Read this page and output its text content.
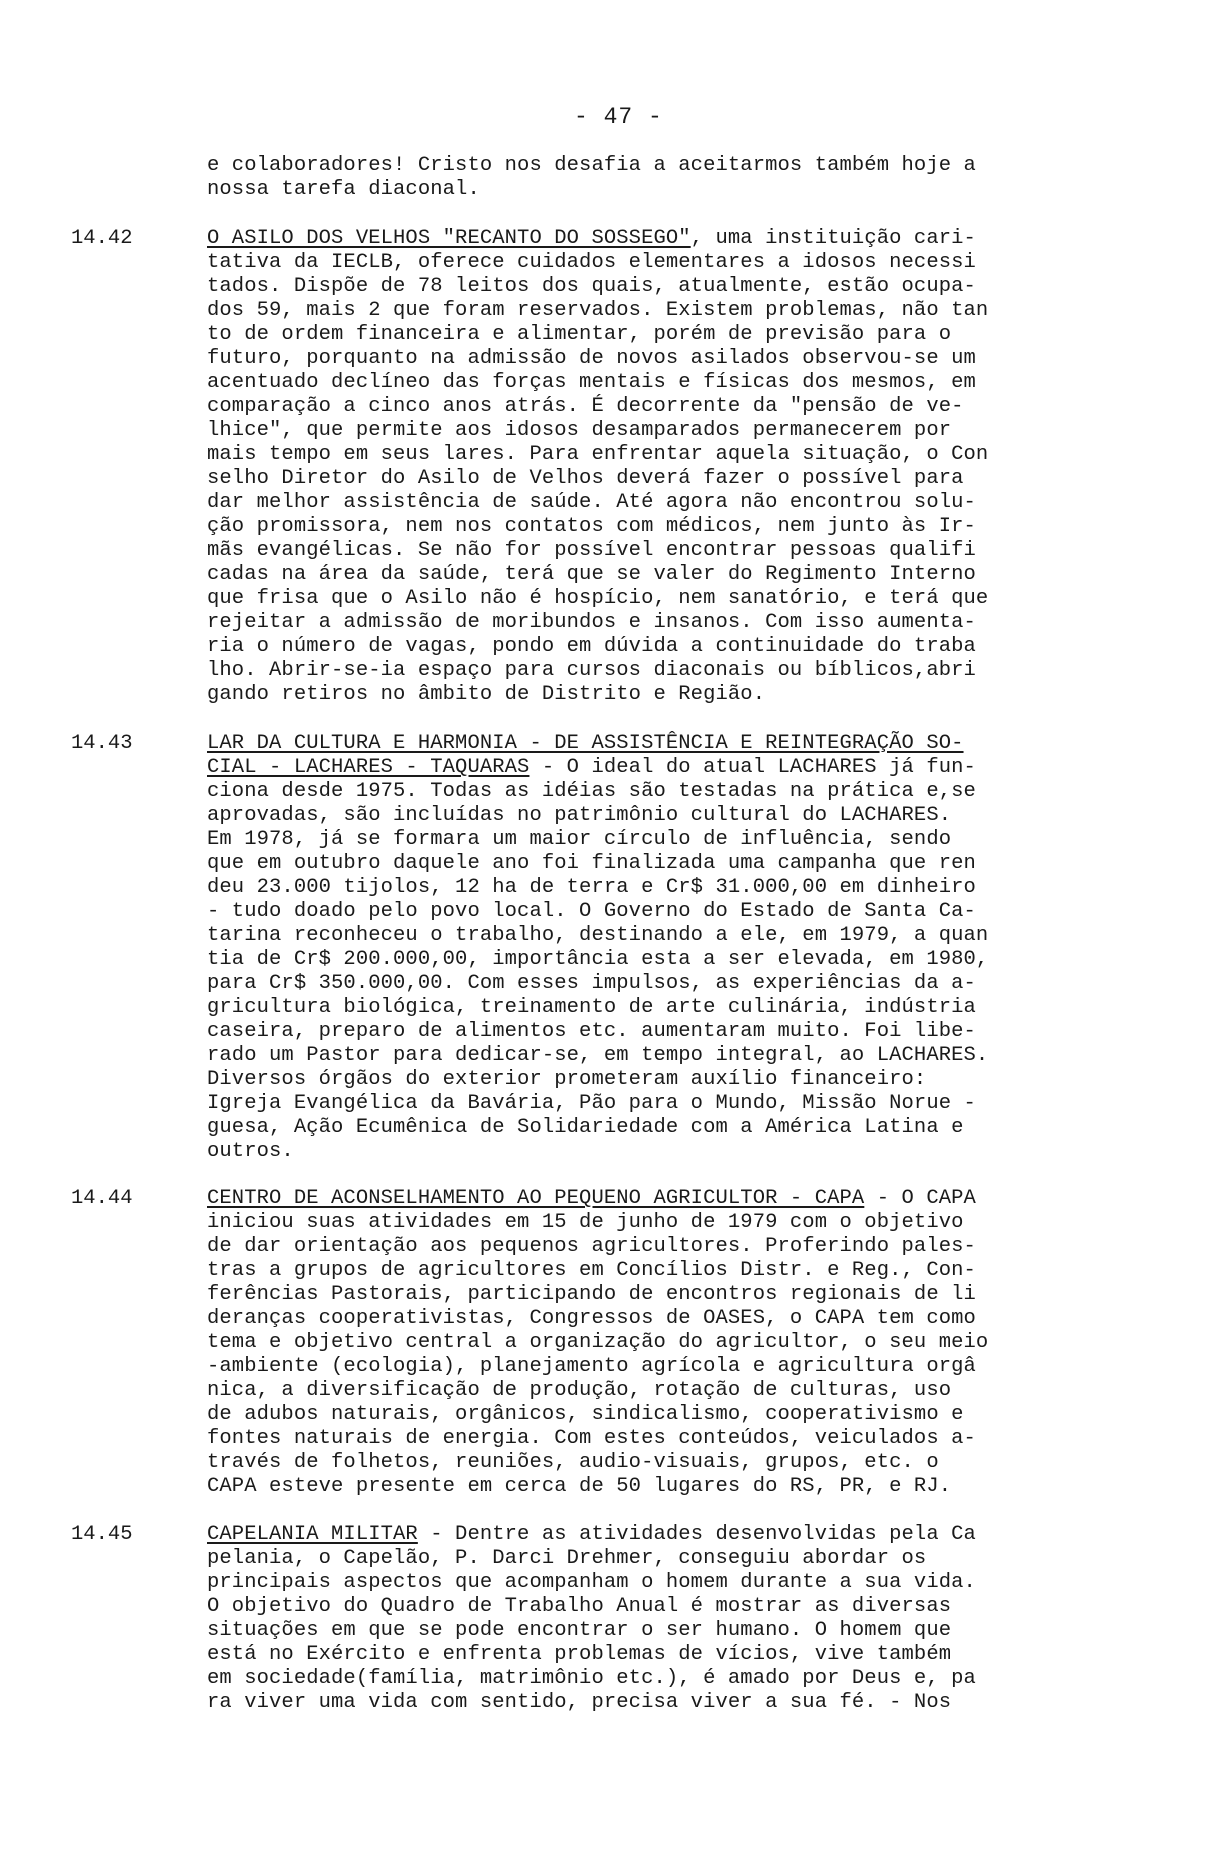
- 47 -
e colaboradores! Cristo nos desafia a aceitarmos também hoje a
nossa tarefa diaconal.
14.42	O ASILO DOS VELHOS "RECANTO DO SOSSEGO", uma instituição cari-
tativa da IECLB, oferece cuidados elementares a idosos necessi
tados. Dispõe de 78 leitos dos quais, atualmente, estão ocupa-
dos 59, mais 2 que foram reservados. Existem problemas, não tan
to de ordem financeira e alimentar, porém de previsão para o
futuro, porquanto na admissão de novos asilados observou-se um
acentuado declíneo das forças mentais e físicas dos mesmos, em
comparação a cinco anos atrás. É decorrente da "pensão de ve-
lhice", que permite aos idosos desamparados permanecerem por
mais tempo em seus lares. Para enfrentar aquela situação, o Con
selho Diretor do Asilo de Velhos deverá fazer o possível para
dar melhor assistência de saúde. Até agora não encontrou solu-
ção promissora, nem nos contatos com médicos, nem junto às Ir-
mãs evangélicas. Se não for possível encontrar pessoas qualifi
cadas na área da saúde, terá que se valer do Regimento Interno
que frisa que o Asilo não é hospício, nem sanatório, e terá que
rejeitar a admissão de moribundos e insanos. Com isso aumenta-
ria o número de vagas, pondo em dúvida a continuidade do traba
lho. Abrir-se-ia espaço para cursos diaconais ou bíblicos,abri
gando retiros no âmbito de Distrito e Região.
14.43	LAR DA CULTURA E HARMONIA - DE ASSISTÊNCIA E REINTEGRAÇÃO SO-
CIAL - LACHARES - TAQUARAS - O ideal do atual LACHARES já fun-
ciona desde 1975. Todas as idéias são testadas na prática e,se
aprovadas, são incluídas no patrimônio cultural do LACHARES.
Em 1978, já se formara um maior círculo de influência, sendo
que em outubro daquele ano foi finalizada uma campanha que ren
deu 23.000 tijolos, 12 ha de terra e Cr$ 31.000,00 em dinheiro
- tudo doado pelo povo local. O Governo do Estado de Santa Ca-
tarina reconheceu o trabalho, destinando a ele, em 1979, a quan
tia de Cr$ 200.000,00, importância esta a ser elevada, em 1980,
para Cr$ 350.000,00. Com esses impulsos, as experiências da a-
gricultura biológica, treinamento de arte culinária, indústria
caseira, preparo de alimentos etc. aumentaram muito. Foi libe-
rado um Pastor para dedicar-se, em tempo integral, ao LACHARES.
Diversos órgãos do exterior prometeram auxílio financeiro:
Igreja Evangélica da Bavária, Pão para o Mundo, Missão Norue -
guesa, Ação Ecumênica de Solidariedade com a América Latina e
outros.
14.44	CENTRO DE ACONSELHAMENTO AO PEQUENO AGRICULTOR - CAPA - O CAPA
iniciou suas atividades em 15 de junho de 1979 com o objetivo
de dar orientação aos pequenos agricultores. Proferindo pales-
tras a grupos de agricultores em Concílios Distr. e Reg., Con-
ferências Pastorais, participando de encontros regionais de li
deranças cooperativistas, Congressos de OASES, o CAPA tem como
tema e objetivo central a organização do agricultor, o seu meio
-ambiente (ecologia), planejamento agrícola e agricultura orgâ
nica, a diversificação de produção, rotação de culturas, uso
de adubos naturais, orgânicos, sindicalismo, cooperativismo e
fontes naturais de energia. Com estes conteúdos, veiculados a-
través de folhetos, reuniões, audio-visuais, grupos, etc. o
CAPA esteve presente em cerca de 50 lugares do RS, PR, e RJ.
14.45	CAPELANIA MILITAR - Dentre as atividades desenvolvidas pela Ca
pelania, o Capelão, P. Darci Drehmer, conseguiu abordar os
principais aspectos que acompanham o homem durante a sua vida.
O objetivo do Quadro de Trabalho Anual é mostrar as diversas
situações em que se pode encontrar o ser humano. O homem que
está no Exército e enfrenta problemas de vícios, vive também
em sociedade(família, matrimônio etc.), é amado por Deus e, pa
ra viver uma vida com sentido, precisa viver a sua fé. - Nos
